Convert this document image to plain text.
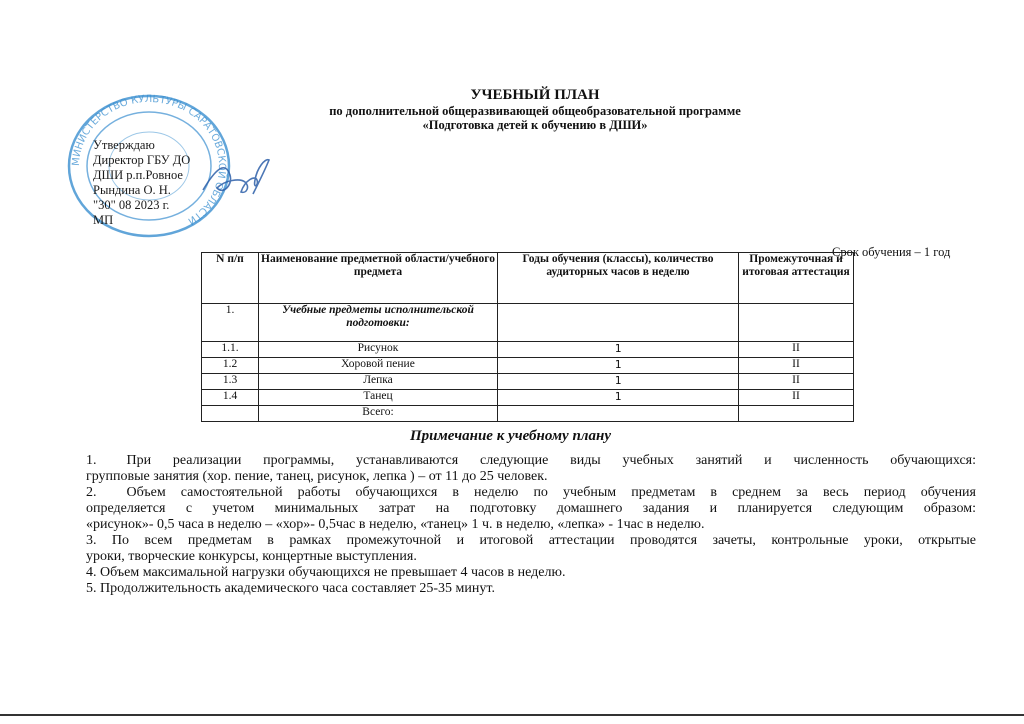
МИНИСТЕРСТВО КУЛЬТУРЫ САРАТОВСКОЙ ОБЛАСТИ
Утверждаю
Директор ГБУ ДО
ДШИ р.п.Ровное
Рындина О. Н.
"30" 08 2023 г.
МП
УЧЕБНЫЙ ПЛАН
по дополнительной общеразвивающей общеобразовательной программе
«Подготовка детей к обучению в ДШИ»
Срок обучения – 1 год
N п/п	Наименование предметной области/учебного предмета	Годы обучения (классы), количество аудиторных часов в неделю	Промежуточная и итоговая аттестация
1.	Учебные предметы исполнительской подготовки:		
1.1.	Рисунок	1	II
1.2	Хоровой пение	1	II
1.3	Лепка	1	II
1.4	Танец	1	II
	Всего:		
Примечание к учебному плану

1. При реализации программы, устанавливаются следующие виды учебных занятий и численность обучающихся:

групповые занятия (хор. пение, танец, рисунок, лепка ) – от 11 до 25 человек.

2. Объем самостоятельной работы обучающихся в неделю по учебным предметам в среднем за весь период обучения

определяется с учетом минимальных затрат на подготовку домашнего задания и планируется следующим образом:

«рисунок»- 0,5 часа в неделю – «хор»- 0,5час в неделю, «танец» 1 ч. в неделю, «лепка» - 1час в неделю.

3. По всем предметам в рамках промежуточной и итоговой аттестации проводятся зачеты, контрольные уроки, открытые

уроки, творческие конкурсы, концертные выступления.

4. Объем максимальной нагрузки обучающихся не превышает 4 часов в неделю.

5. Продолжительность академического часа составляет 25-35 минут.
